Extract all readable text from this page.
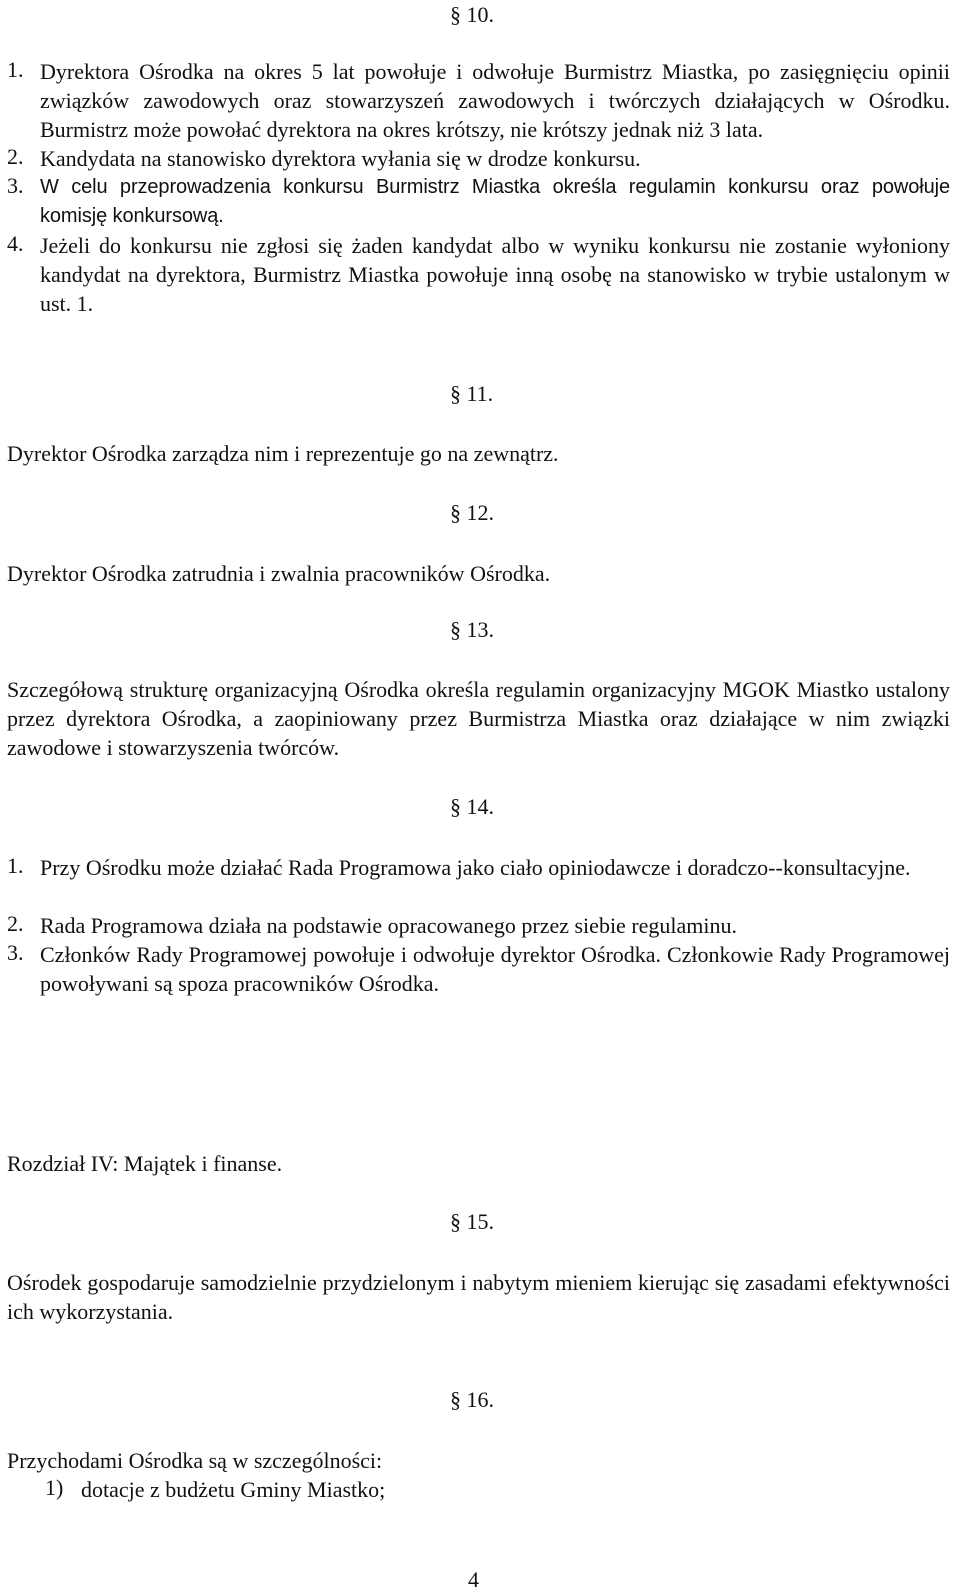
§ 10.
1. Dyrektora Ośrodka na okres 5 lat powołuje i odwołuje Burmistrz Miastka, po zasięgnięciu opinii związków zawodowych oraz stowarzyszeń zawodowych i twórczych działających w Ośrodku. Burmistrz może powołać dyrektora na okres krótszy, nie krótszy jednak niż 3 lata.
2. Kandydata na stanowisko dyrektora wyłania się w drodze konkursu.
3. W celu przeprowadzenia konkursu Burmistrz Miastka określa regulamin konkursu oraz powołuje komisję konkursową.
4. Jeżeli do konkursu nie zgłosi się żaden kandydat albo w wyniku konkursu nie zostanie wyłoniony kandydat na dyrektora, Burmistrz Miastka powołuje inną osobę na stanowisko w trybie ustalonym w ust. 1.
§ 11.
Dyrektor Ośrodka zarządza nim i reprezentuje go na zewnątrz.
§ 12.
Dyrektor Ośrodka zatrudnia i zwalnia pracowników Ośrodka.
§ 13.
Szczegółową strukturę organizacyjną Ośrodka określa regulamin organizacyjny MGOK Miastko ustalony przez dyrektora Ośrodka, a zaopiniowany przez Burmistrza Miastka oraz działające w nim związki zawodowe i stowarzyszenia twórców.
§ 14.
1. Przy Ośrodku może działać Rada Programowa jako ciało opiniodawcze i doradczo--konsultacyjne.
2. Rada Programowa działa na podstawie opracowanego przez siebie regulaminu.
3. Członków Rady Programowej powołuje i odwołuje dyrektor Ośrodka. Członkowie Rady Programowej powoływani są spoza pracowników Ośrodka.
Rozdział IV: Majątek i finanse.
§ 15.
Ośrodek gospodaruje samodzielnie przydzielonym i nabytym mieniem kierując się zasadami efektywności ich wykorzystania.
§ 16.
Przychodami Ośrodka są w szczególności:
1) dotacje z budżetu Gminy Miastko;
4
